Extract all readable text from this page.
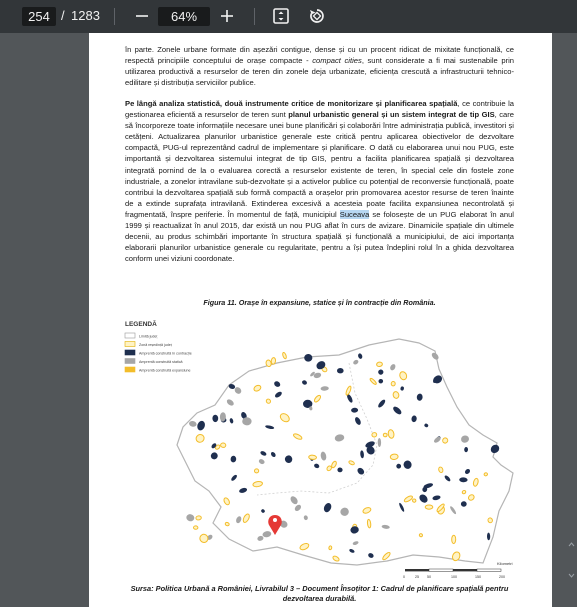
254 / 1283	64%

în parte. Zonele urbane formate din așezări contigue, dense și cu un procent ridicat de mixitate funcțională, ce respectă principiile conceptului de orașe compacte - compact cities, sunt considerate a fi mai sustenabile prin utilizarea productivă a resurselor de teren din zonele deja urbanizate, eficiența crescută a infrastructurii tehnico-edilitare și distribuția serviciilor publice.

Pe lângă analiza statistică, două instrumente critice de monitorizare și planificarea spațială, ce contribuie la gestionarea eficientă a resurselor de teren sunt planul urbanistic general și un sistem integrat de tip GIS, care să încorporeze toate informațiile necesare unei bune planificări și colaborări între administrația publică, investitori și cetățeni. Actualizarea planurilor urbanistice generale este critică pentru aplicarea obiectivelor de dezvoltare compactă, PUG-ul reprezentând cadrul de implementare și planificare. O dată cu elaborarea unui nou PUG, este importantă și dezvoltarea sistemului integrat de tip GIS, pentru a facilita planificarea spațială și dezvoltarea integrată pornind de la o evaluarea corectă a resurselor existente de teren, în special cele din fostele zone industriale, a zonelor intravilane sub-dezvoltate și a activelor publice cu potențial de reconversie funcțională, poate contribui la dezvoltarea spațială sub formă compactă a orașelor prin promovarea acestor resurse de teren înainte de a extinde suprafața intravilană. Extinderea excesivă a acesteia poate facilita expansiunea necontrolată și fragmentată, înspre periferie. În momentul de față, municipiul Suceava se folosește de un PUG elaborat în anul 1999 și reactualizat în anul 2015, dar există un nou PUG aflat în curs de avizare. Dinamicile spațiale din ultimele decenii, au produs schimbări importante în structura spațială și funcțională a municipiului, de aici importanța elaborarii planurilor urbanistice generale cu regularitate, pentru a își putea îndeplini rolul în a ghida dezvoltarea conform unei viziuni coordonate.

Figura 11. Orașe în expansiune, statice și în contracție din România.
LEGENDĂ
Limită județ
Zonă reședință județ
Amprentă construită în contracție
Amprentă construită statică
Amprentă construită expansiune
Kilometri
0	25 50	100	150	200
Sursa: Politica Urbană a României, Livrabilul 3 – Document Însoțitor 1: Cadrul de planificare spațială pentru dezvoltarea durabilă.
